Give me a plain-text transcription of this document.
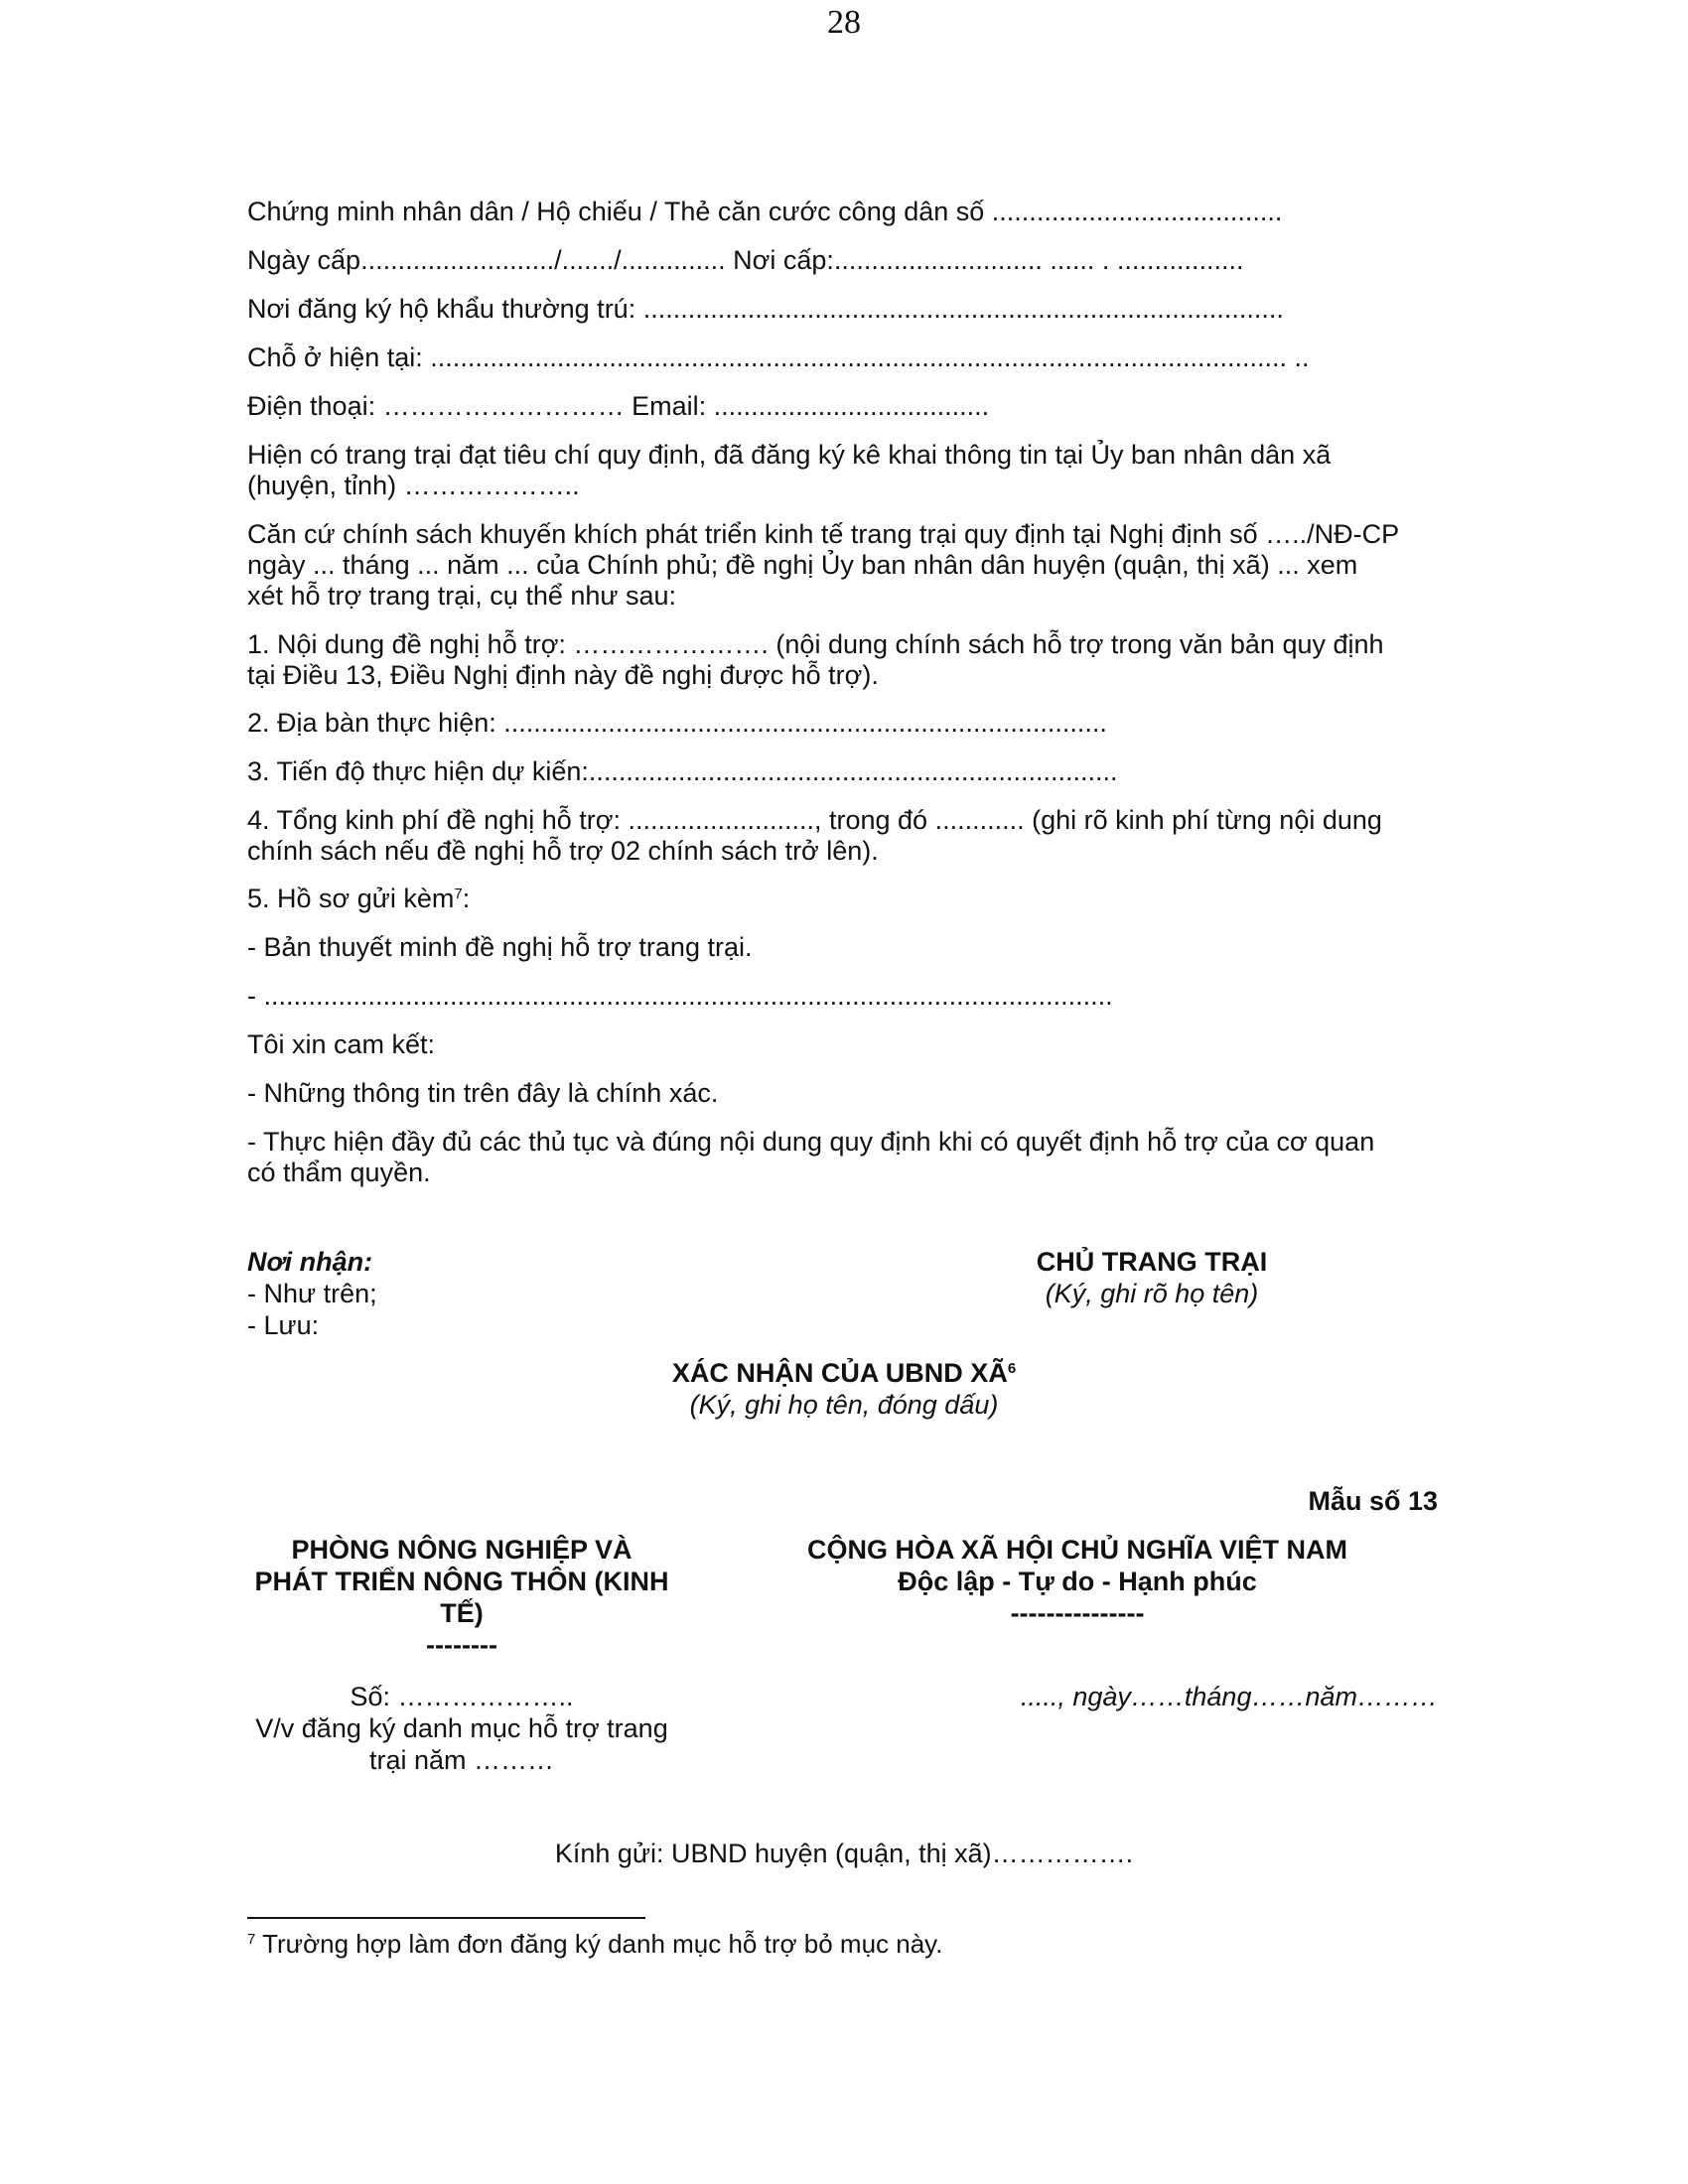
28
Chứng minh nhân dân / Hộ chiếu / Thẻ căn cước công dân số .......................................
Ngày cấp........................../......./.............. Nơi cấp:............................ ...... . .................
Nơi đăng ký hộ khẩu thường trú: ......................................................................................
Chỗ ở hiện tại: ................................................................................................................... ..
Điện thoại: ……………………… Email: .....................................
Hiện có trang trại đạt tiêu chí quy định, đã đăng ký kê khai thông tin tại Ủy ban nhân dân xã
(huyện, tỉnh) ………………..
Căn cứ chính sách khuyến khích phát triển kinh tế trang trại quy định tại Nghị định số …../NĐ-CP
ngày ... tháng ... năm ... của Chính phủ; đề nghị Ủy ban nhân dân huyện (quận, thị xã) ... xem
xét hỗ trợ trang trại, cụ thể như sau:
1. Nội dung đề nghị hỗ trợ: …………………. (nội dung chính sách hỗ trợ trong văn bản quy định
tại Điều 13, Điều Nghị định này đề nghị được hỗ trợ).
2. Địa bàn thực hiện: .................................................................................
3. Tiến độ thực hiện dự kiến:.......................................................................
4. Tổng kinh phí đề nghị hỗ trợ: ........................., trong đó ............ (ghi rõ kinh phí từng nội dung
chính sách nếu đề nghị hỗ trợ 02 chính sách trở lên).
5. Hồ sơ gửi kèm$^7$:
- Bản thuyết minh đề nghị hỗ trợ trang trại.
- ..................................................................................................................
Tôi xin cam kết:
- Những thông tin trên đây là chính xác.
- Thực hiện đầy đủ các thủ tục và đúng nội dung quy định khi có quyết định hỗ trợ của cơ quan
có thẩm quyền.
Nơi nhận:
- Như trên;
- Lưu:
CHỦ TRANG TRẠI
(Ký, ghi rõ họ tên)
XÁC NHẬN CỦA UBND $XÃ^6$
(Ký, ghi họ tên, đóng dấu)
Mẫu số 13
PHÒNG NÔNG NGHIỆP VÀ
PHÁT TRIỂN NÔNG THÔN (KINH
TẾ)
--------
CỘNG HÒA XÃ HỘI CHỦ NGHĨA VIỆT NAM
Độc lập - Tự do - Hạnh phúc
---------------
Số: ………………..
V/v đăng ký danh mục hỗ trợ trang
trại năm ………
....., ngày……tháng……năm………
Kính gửi: UBND huyện (quận, thị xã)…………….
$^7$ Trường hợp làm đơn đăng ký danh mục hỗ trợ bỏ mục này.
